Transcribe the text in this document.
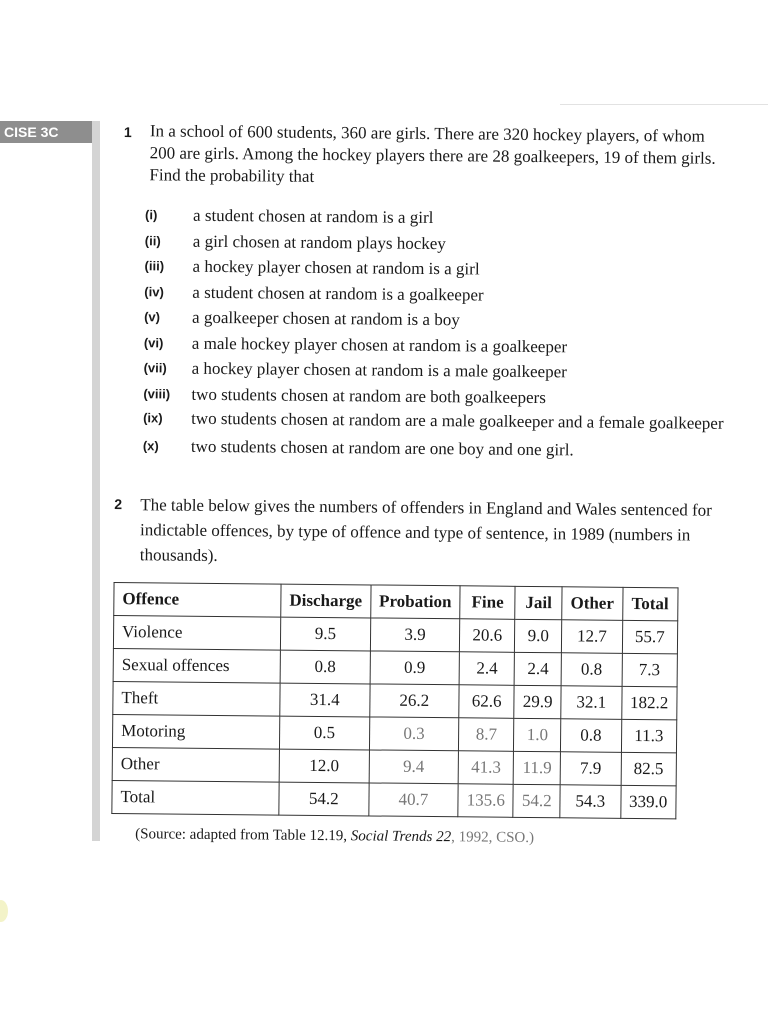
CISE 3C	1 In a school of 600 students, 360 are girls. There are 320 hockey players, of whom 200 are girls. Among the hockey players there are 28 goalkeepers, 19 of them girls. Find the probability that
(i)	a student chosen at random is a girl
(ii)	a girl chosen at random plays hockey
(iii)	a hockey player chosen at random is a girl
(iv)	a student chosen at random is a goalkeeper
(v)	a goalkeeper chosen at random is a boy
(vi)	a male hockey player chosen at random is a goalkeeper
(vii)	a hockey player chosen at random is a male goalkeeper
(viii)	two students chosen at random are both goalkeepers
(ix)	two students chosen at random are a male goalkeeper and a female goalkeeper
(x)	two students chosen at random are one boy and one girl.
2 The table below gives the numbers of offenders in England and Wales sentenced for indictable offences, by type of offence and type of sentence, in 1989 (numbers in thousands).
Offence	Discharge	Probation	Fine	Jail	Other	Total
Violence	9.5	3.9	20.6	9.0	12.7	55.7
Sexual offences	0.8	0.9	2.4	2.4	0.8	7.3
Theft	31.4	26.2	62.6	29.9	32.1	182.2
Motoring	0.5	0.3	8.7	1.0	0.8	11.3
Other	12.0	9.4	41.3	11.9	7.9	82.5
Total	54.2	40.7	135.6	54.2	54.3	339.0
(Source: adapted from Table 12.19, Social Trends 22, 1992, CSO.)
